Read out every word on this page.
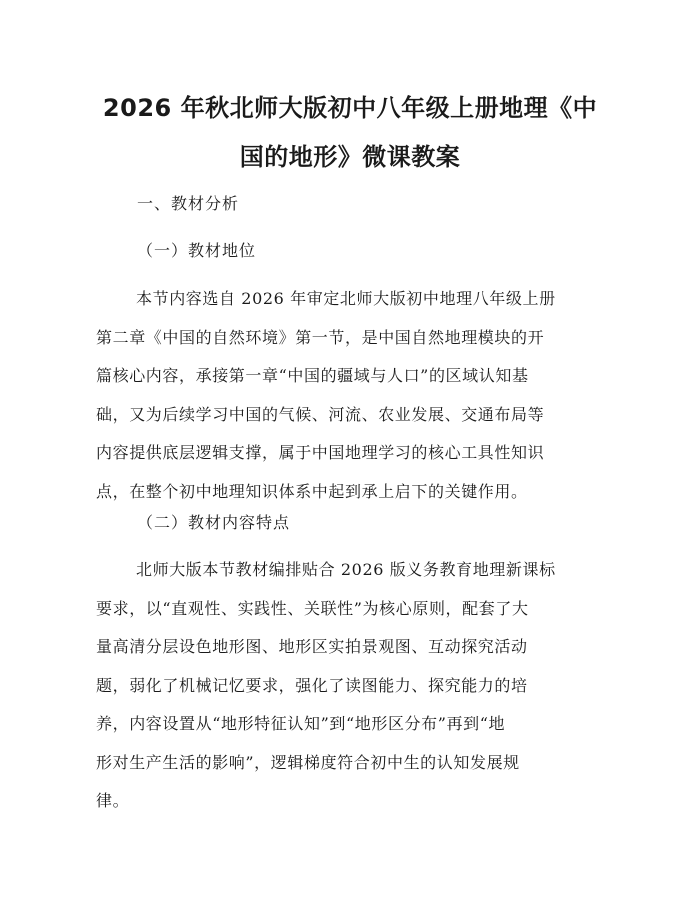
2026 年秋北师大版初中八年级上册地理《中
国的地形》微课教案
一、教材分析
（一）教材地位
本节内容选自 2026 年审定北师大版初中地理八年级上册
第二章《中国的自然环境》第一节，是中国自然地理模块的开
篇核心内容，承接第一章“中国的疆域与人口”的区域认知基
础，又为后续学习中国的气候、河流、农业发展、交通布局等
内容提供底层逻辑支撑，属于中国地理学习的核心工具性知识
点，在整个初中地理知识体系中起到承上启下的关键作用。
（二）教材内容特点
北师大版本节教材编排贴合 2026 版义务教育地理新课标
要求，以“直观性、实践性、关联性”为核心原则，配套了大
量高清分层设色地形图、地形区实拍景观图、互动探究活动
题，弱化了机械记忆要求，强化了读图能力、探究能力的培
养，内容设置从“地形特征认知”到“地形区分布”再到“地
形对生产生活的影响”，逻辑梯度符合初中生的认知发展规
律。
